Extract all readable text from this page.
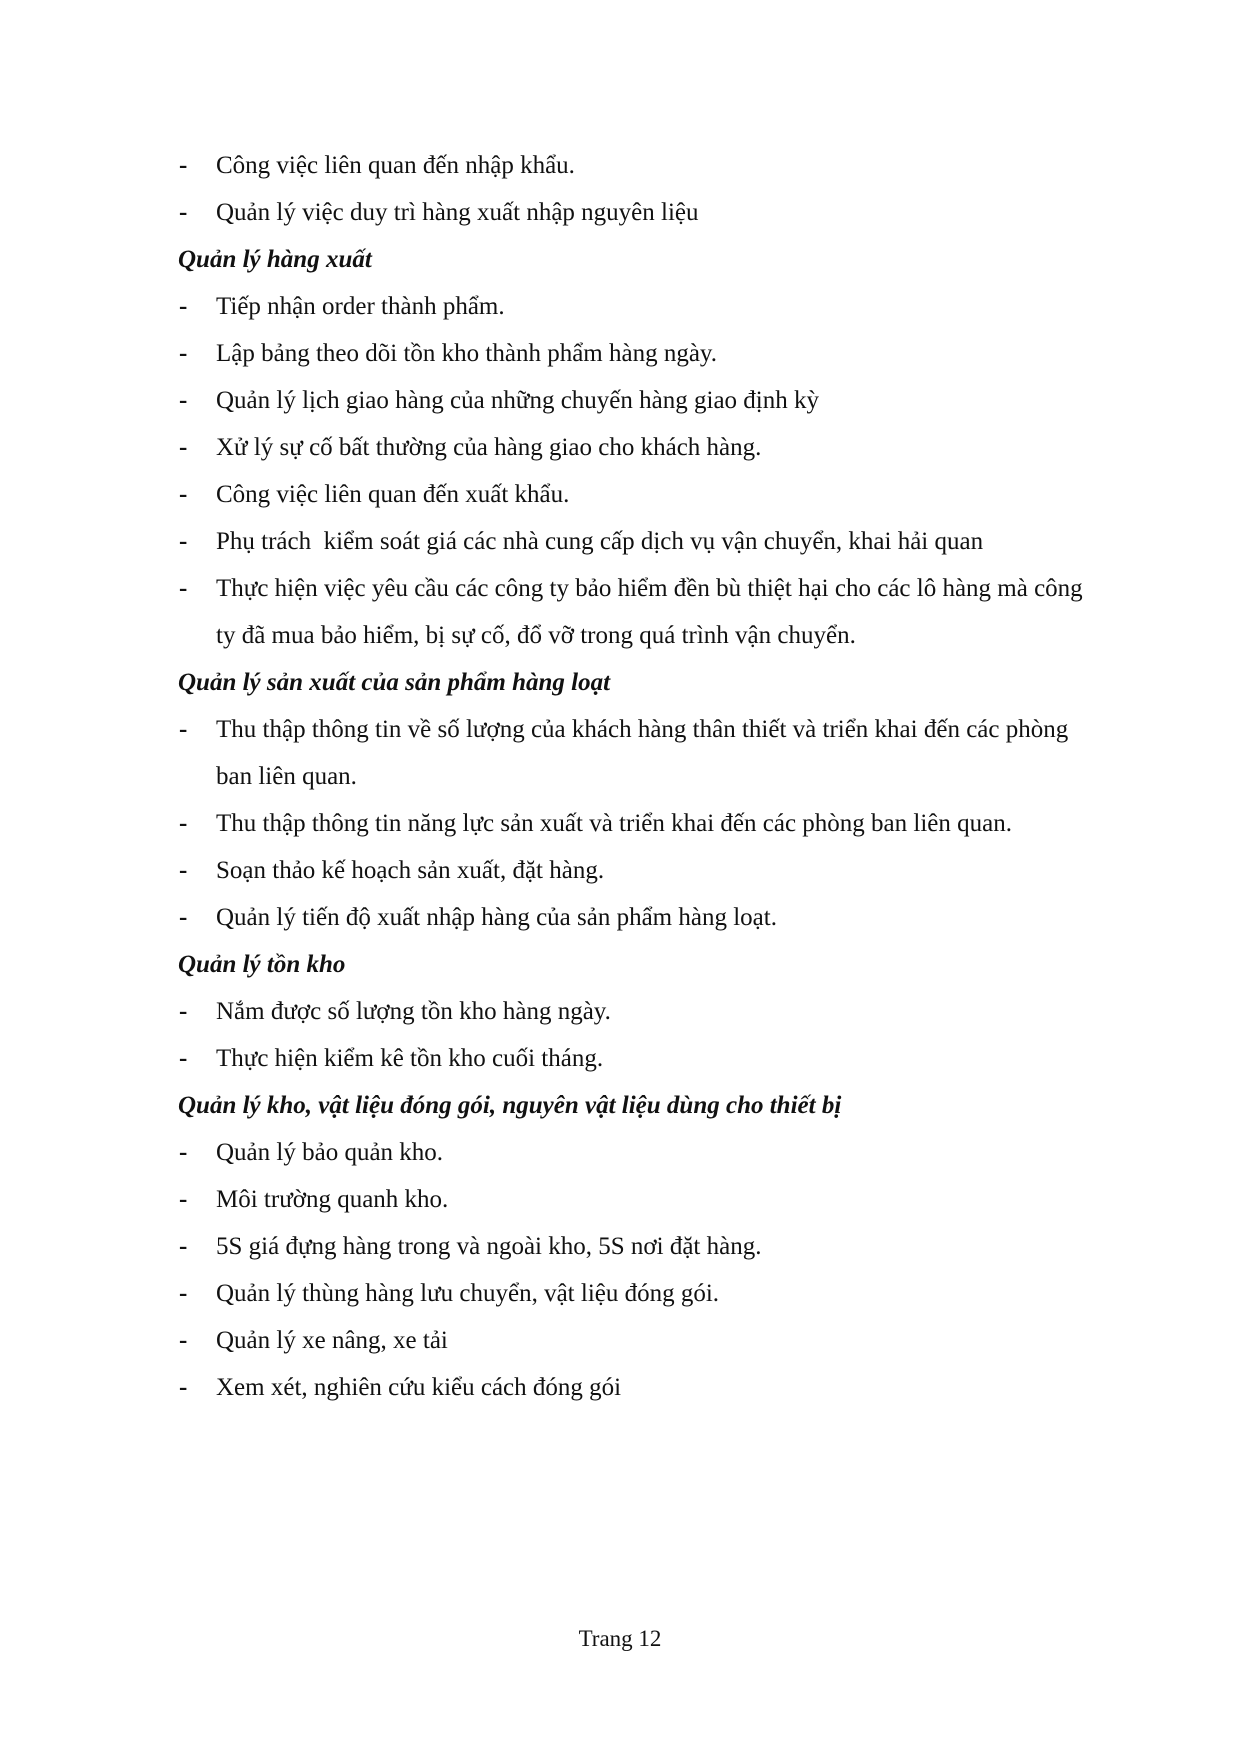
-	Công việc liên quan đến nhập khẩu.
-	Quản lý việc duy trì hàng xuất nhập nguyên liệu
Quản lý hàng xuất
-	Tiếp nhận order thành phẩm.
-	Lập bảng theo dõi tồn kho thành phẩm hàng ngày.
-	Quản lý lịch giao hàng của những chuyến hàng giao định kỳ
-	Xử lý sự cố bất thường của hàng giao cho khách hàng.
-	Công việc liên quan đến xuất khẩu.
-	Phụ trách  kiểm soát giá các nhà cung cấp dịch vụ vận chuyển, khai hải quan
-	Thực hiện việc yêu cầu các công ty bảo hiểm đền bù thiệt hại cho các lô hàng mà công ty đã mua bảo hiểm, bị sự cố, đổ vỡ trong quá trình vận chuyển.
Quản lý sản xuất của sản phẩm hàng loạt
-	Thu thập thông tin về số lượng của khách hàng thân thiết và triển khai đến các phòng ban liên quan.
-	Thu thập thông tin năng lực sản xuất và triển khai đến các phòng ban liên quan.
-	Soạn thảo kế hoạch sản xuất, đặt hàng.
-	Quản lý tiến độ xuất nhập hàng của sản phẩm hàng loạt.
Quản lý tồn kho
-	Nắm được số lượng tồn kho hàng ngày.
-	Thực hiện kiểm kê tồn kho cuối tháng.
Quản lý kho, vật liệu đóng gói, nguyên vật liệu dùng cho thiết bị
-	Quản lý bảo quản kho.
-	Môi trường quanh kho.
-	5S giá đựng hàng trong và ngoài kho, 5S nơi đặt hàng.
-	Quản lý thùng hàng lưu chuyển, vật liệu đóng gói.
-	Quản lý xe nâng, xe tải
-	Xem xét, nghiên cứu kiểu cách đóng gói
Trang 12
